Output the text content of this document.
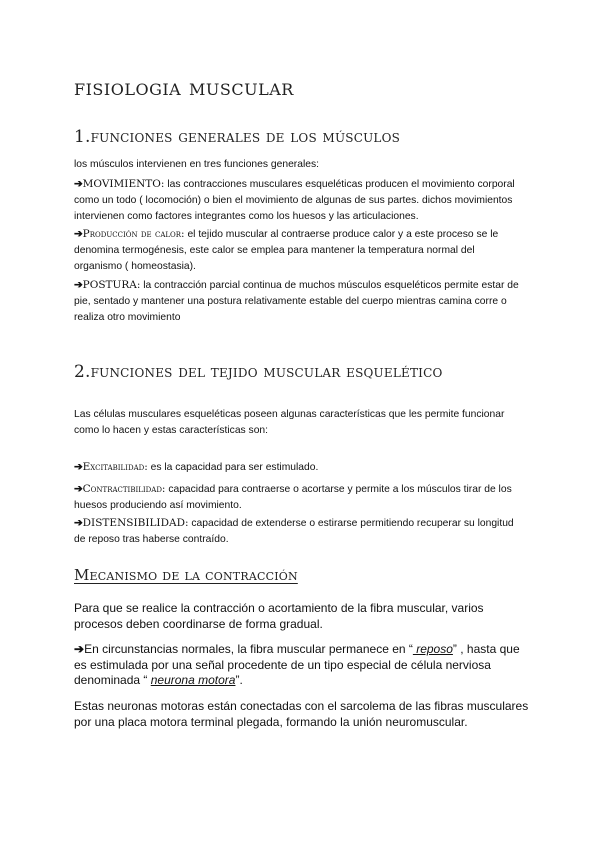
fisiologia muscular
1.funciones generales de los músculos
los músculos intervienen en tres funciones generales:
➔MOVIMIENTO: las contracciones musculares esqueléticas producen el movimiento corporal como un todo ( locomoción) o bien el movimiento de algunas de sus partes. dichos movimientos intervienen como factores integrantes como los huesos y las articulaciones.
➔Producción de calor: el tejido muscular al contraerse produce calor y a este proceso se le denomina termogénesis, este calor se emplea para mantener la temperatura normal del organismo ( homeostasia).
➔POSTURA: la contracción parcial continua de muchos músculos esqueléticos permite estar de pie, sentado y mantener una postura relativamente estable del cuerpo mientras camina corre o realiza otro movimiento
2.funciones del tejido muscular esquelético
Las células musculares esqueléticas poseen algunas características que les permite funcionar como lo hacen y estas características son:
➔Excitabilidad: es la capacidad para ser estimulado.
➔Contractibilidad: capacidad para contraerse o acortarse y permite a los músculos tirar de los huesos produciendo así movimiento.
➔DISTENSIBILIDAD: capacidad de extenderse o estirarse permitiendo recuperar su longitud de reposo tras haberse contraído.
Mecanismo de la contracción
Para que se realice la contracción o acortamiento de la fibra muscular, varios procesos deben coordinarse de forma gradual.
➔En circunstancias normales, la fibra muscular permanece en “ reposo” , hasta que es estimulada por una señal procedente de un tipo especial de célula nerviosa denominada “ neurona motora”.
Estas neuronas motoras están conectadas con el sarcolema de las fibras musculares por una placa motora terminal plegada, formando la unión neuromuscular.
